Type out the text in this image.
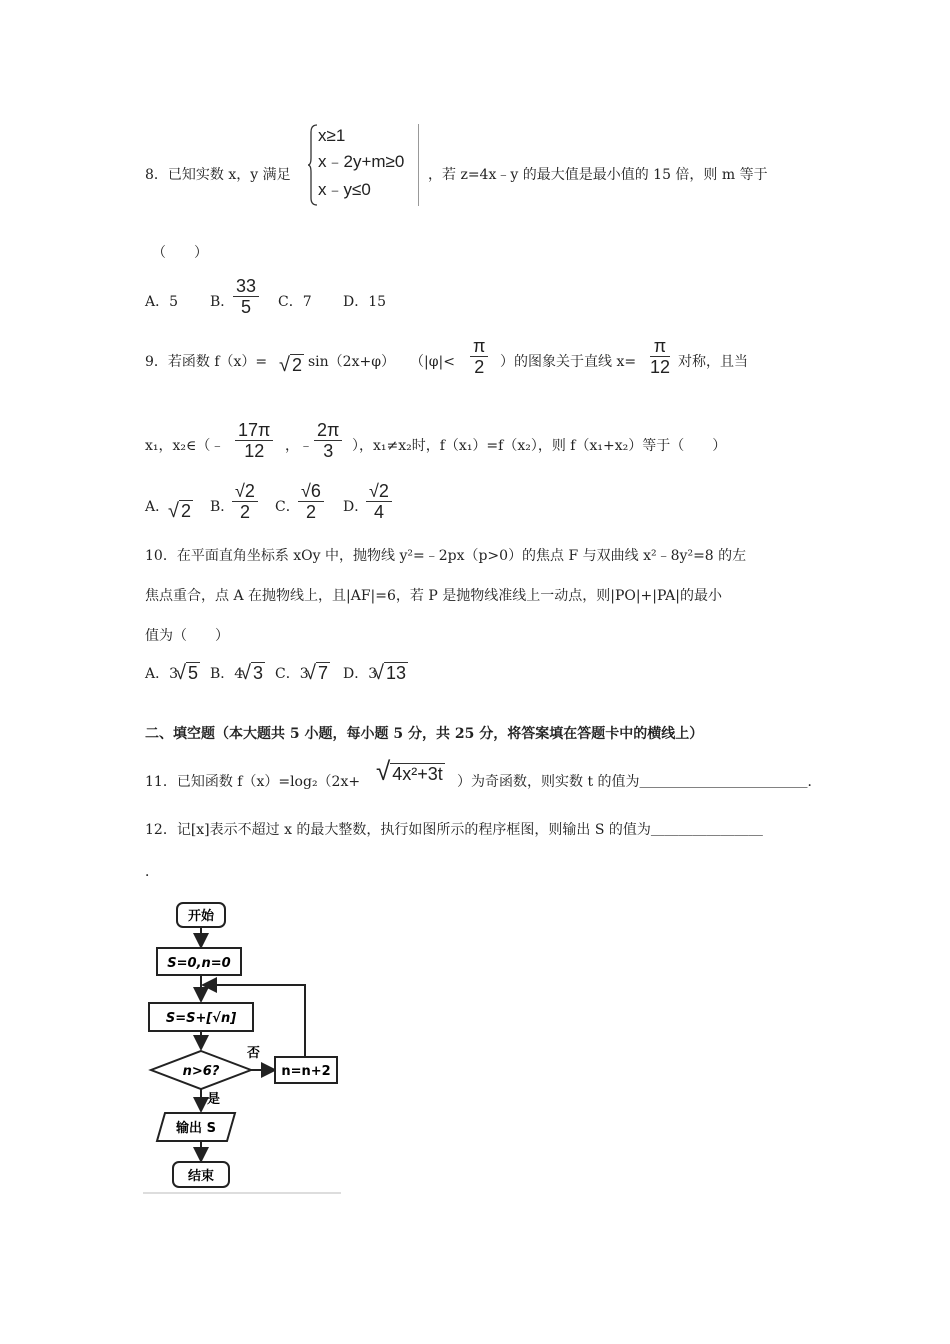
8．已知实数 x，y 满足
x≥1
x﹣2y+m≥0
x﹣y≤0
，若 z=4x﹣y 的最大值是最小值的 15 倍，则 m 等于
（　　）
A．5 B．
$\frac{33}{5}$ C．7 D．15
9．若函数 f（x）= √ 2 sin（2x+φ） （$|\varphi|< \frac{\pi}{2}$ ）的图象关于直线 $x= \frac{\pi}{12}$ 对称，且当
x₁，x₂∈（﹣ $\frac{17\pi}{12}$ ，﹣ $\frac{2\pi}{3}$ ），x₁≠x₂时，f（x₁）=f（x₂），则 f（x₁+x₂）等于（　　）
A．
√ 2 B．
$\frac{√2}{2}$ C．
$\frac{√6}{2}$ D．
$\frac{√2}{4}$
10．在平面直角坐标系 xOy 中，抛物线 y²=﹣2px（p>0）的焦点 F 与双曲线 x²﹣8y²=8 的左
焦点重合，点 A 在抛物线上，且|AF|=6，若 P 是抛物线准线上一动点，则|PO|+|PA|的最小
值为（　　）
A．3
√ 5 B．4
√ 3 C．3
√ 7 D．3
√ 13
二、填空题（本大题共 5 小题，每小题 5 分，共 25 分，将答案填在答题卡中的横线上）
11．已知函数 f（x）=log₂（2x+ √ 4x²+3t ）为奇函数，则实数 t 的值为＿＿＿＿＿＿＿＿＿＿＿＿．
12．记[x]表示不超过 x 的最大整数，执行如图所示的程序框图，则输出 S 的值为＿＿＿＿＿＿＿＿
．
开始
S=0,n=0
S=S+[√n]
n>6?
否
n=n+2
是
输出 S
结束
